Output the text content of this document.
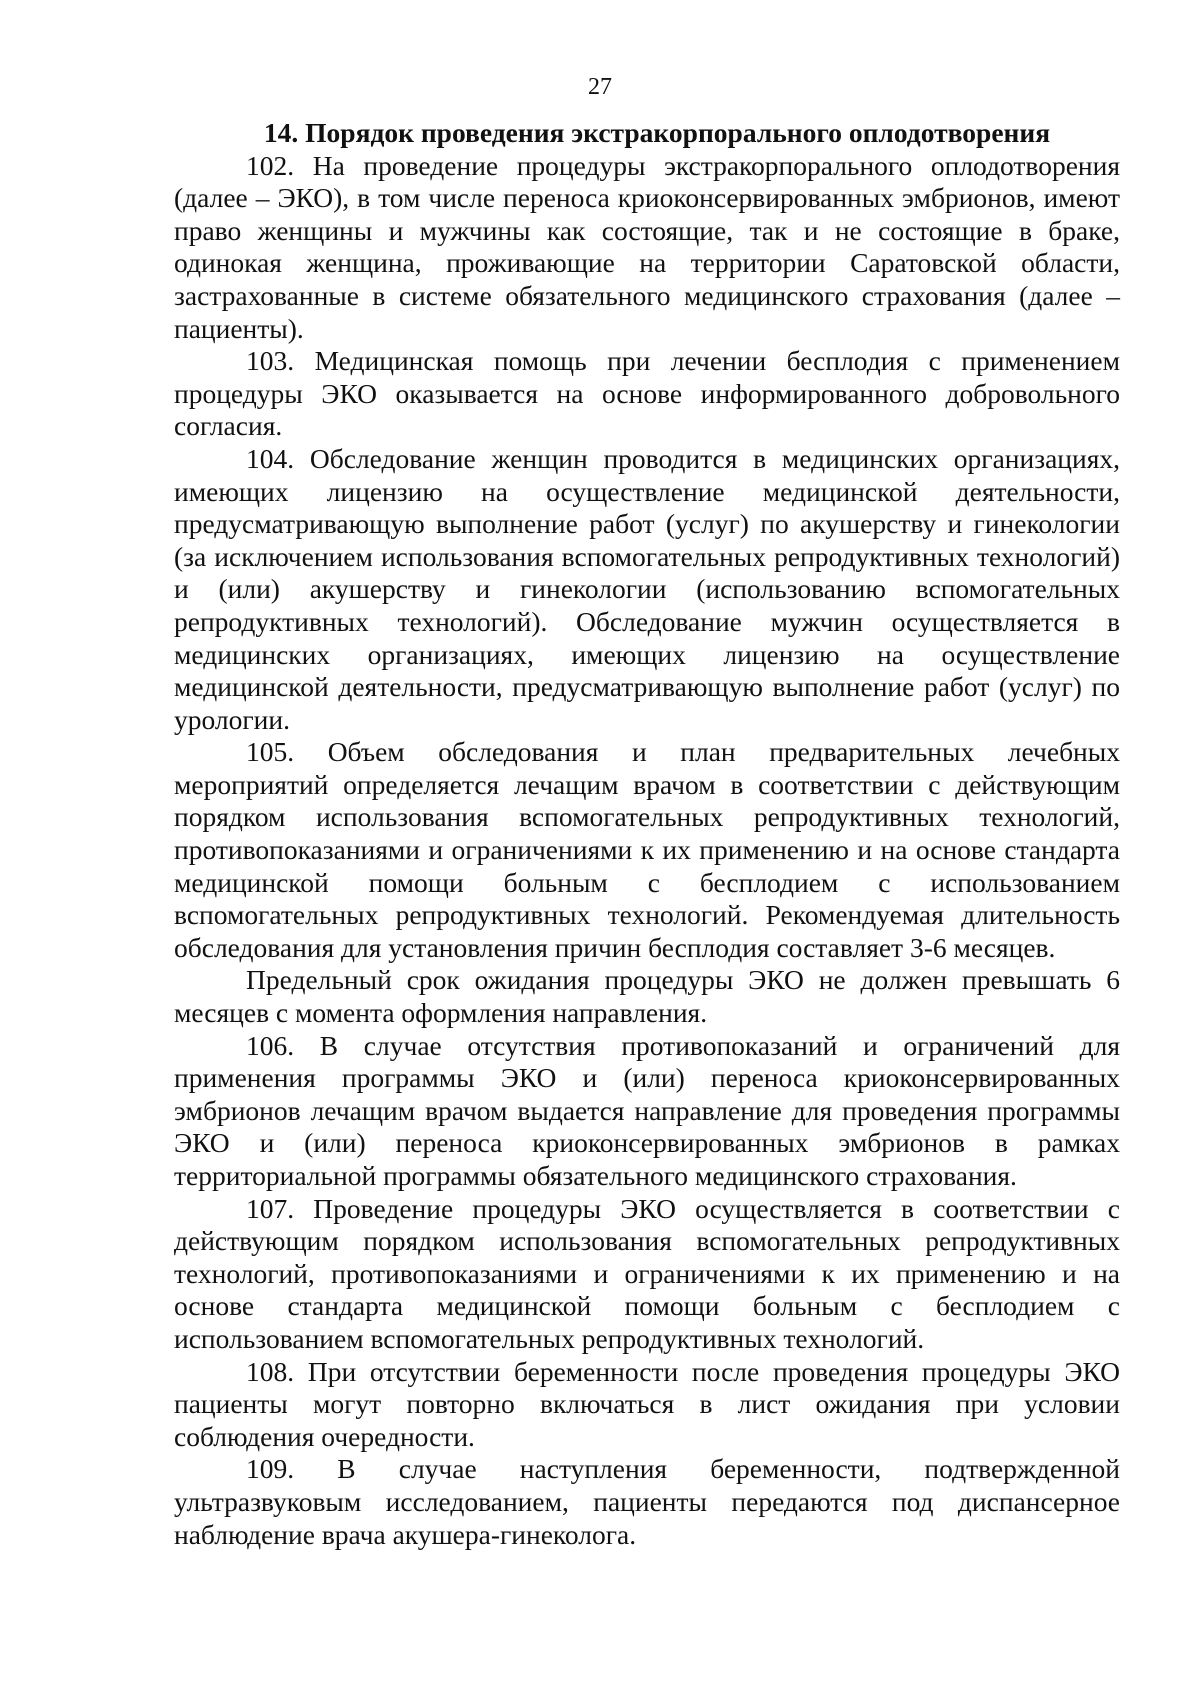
27

14. Порядок проведения экстракорпорального оплодотворения

102. На проведение процедуры экстракорпорального оплодотворения (далее – ЭКО), в том числе переноса криоконсервированных эмбрионов, имеют право женщины и мужчины как состоящие, так и не состоящие в браке, одинокая женщина, проживающие на территории Саратовской области, застрахованные в системе обязательного медицинского страхования (далее – пациенты).

103. Медицинская помощь при лечении бесплодия с применением процедуры ЭКО оказывается на основе информированного добровольного согласия.

104. Обследование женщин проводится в медицинских организациях, имеющих лицензию на осуществление медицинской деятельности, предусматривающую выполнение работ (услуг) по акушерству и гинекологии (за исключением использования вспомогательных репродуктивных технологий) и (или) акушерству и гинекологии (использованию вспомогательных репродуктивных технологий). Обследование мужчин осуществляется в медицинских организациях, имеющих лицензию на осуществление медицинской деятельности, предусматривающую выполнение работ (услуг) по урологии.

105. Объем обследования и план предварительных лечебных мероприятий определяется лечащим врачом в соответствии с действующим порядком использования вспомогательных репродуктивных технологий, противопоказаниями и ограничениями к их применению и на основе стандарта медицинской помощи больным с бесплодием с использованием вспомогательных репродуктивных технологий. Рекомендуемая длительность обследования для установления причин бесплодия составляет 3-6 месяцев.

Предельный срок ожидания процедуры ЭКО не должен превышать 6 месяцев с момента оформления направления.

106. В случае отсутствия противопоказаний и ограничений для применения программы ЭКО и (или) переноса криоконсервированных эмбрионов лечащим врачом выдается направление для проведения программы ЭКО и (или) переноса криоконсервированных эмбрионов в рамках территориальной программы обязательного медицинского страхования.

107. Проведение процедуры ЭКО осуществляется в соответствии с действующим порядком использования вспомогательных репродуктивных технологий, противопоказаниями и ограничениями к их применению и на основе стандарта медицинской помощи больным с бесплодием с использованием вспомогательных репродуктивных технологий.

108. При отсутствии беременности после проведения процедуры ЭКО пациенты могут повторно включаться в лист ожидания при условии соблюдения очередности.

109. В случае наступления беременности, подтвержденной ультразвуковым исследованием, пациенты передаются под диспансерное наблюдение врача акушера-гинеколога.
